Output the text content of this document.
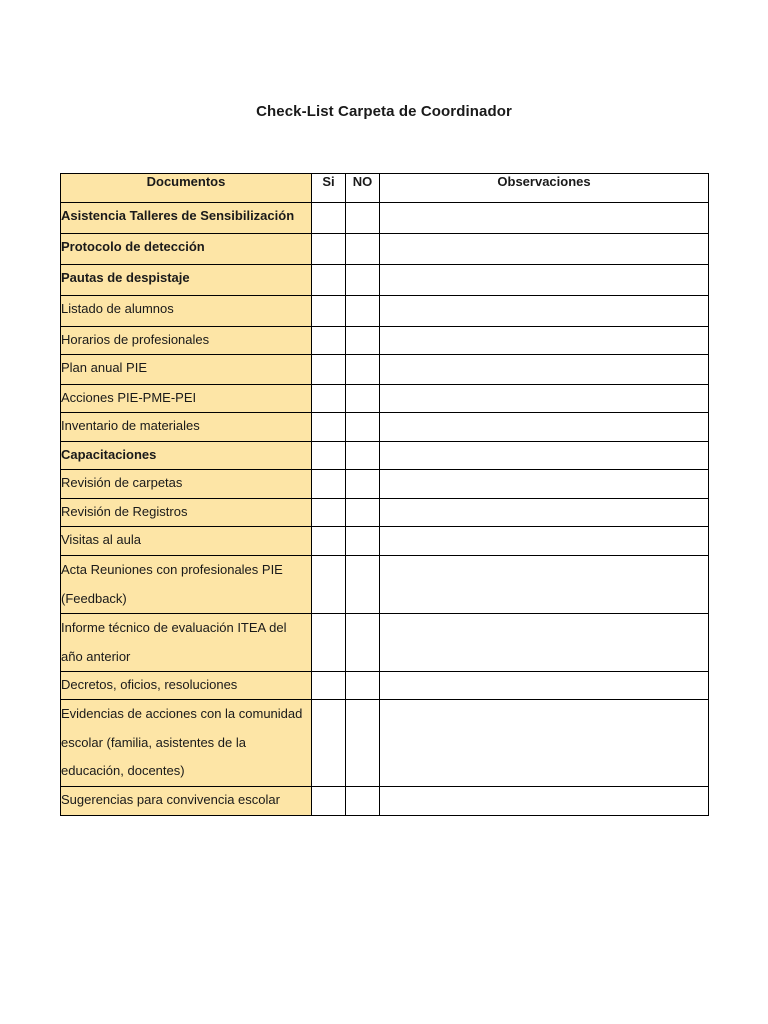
Check-List Carpeta de Coordinador
Documentos	Si	NO	Observaciones
Asistencia Talleres de Sensibilización			
Protocolo de detección			
Pautas de despistaje			
Listado de alumnos			
Horarios de profesionales			
Plan anual PIE			
Acciones PIE-PME-PEI			
Inventario de materiales			
Capacitaciones			
Revisión de carpetas			
Revisión de Registros			
Visitas al aula			
Acta Reuniones con profesionales PIE (Feedback)			
Informe técnico de evaluación ITEA del año anterior			
Decretos, oficios, resoluciones			
Evidencias de acciones con la comunidad escolar (familia, asistentes de la educación, docentes)			
Sugerencias para convivencia escolar			
